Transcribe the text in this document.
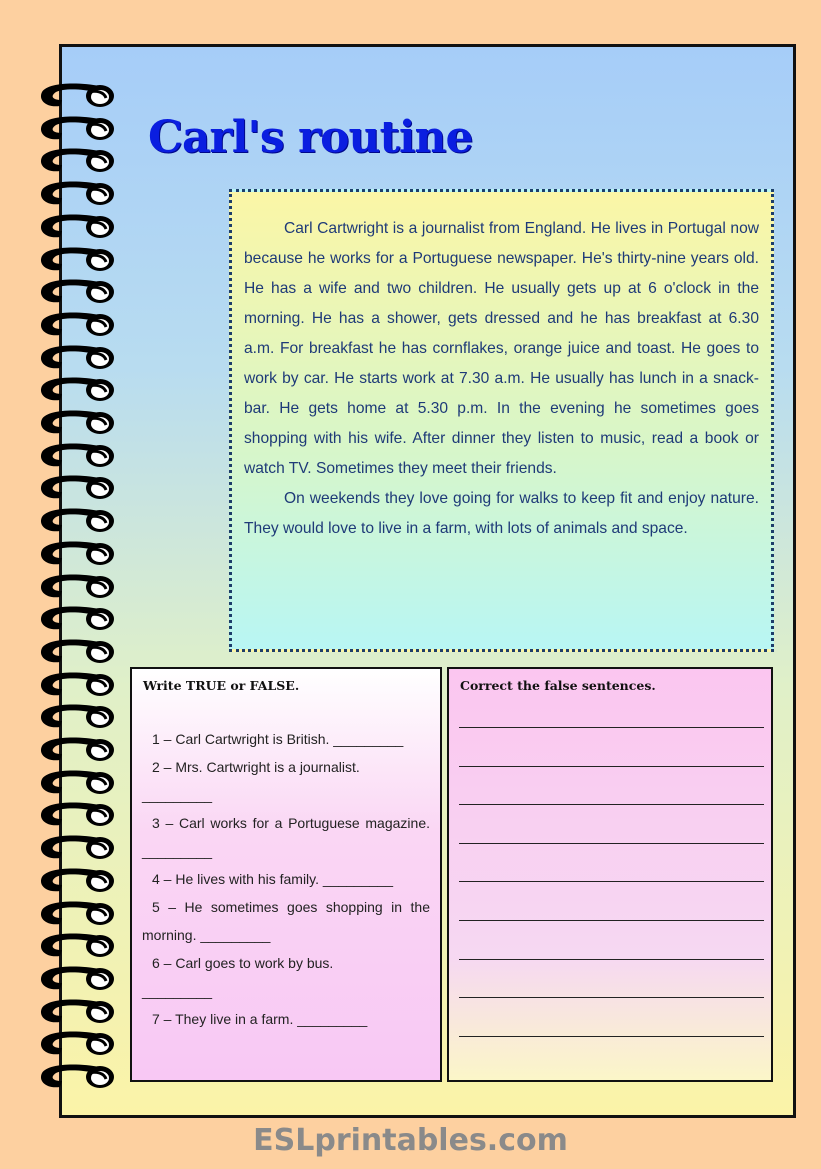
Carl's routine

Carl Cartwright is a journalist from England. He lives in Portugal now because he works for a Portuguese newspaper. He's thirty-nine years old. He has a wife and two children. He usually gets up at 6 o'clock in the morning. He has a shower, gets dressed and he has breakfast at 6.30 a.m. For breakfast he has cornflakes, orange juice and toast. He goes to work by car. He starts work at 7.30 a.m. He usually has lunch in a snack-bar. He gets home at 5.30 p.m. In the evening he sometimes goes shopping with his wife. After dinner they listen to music, read a book or watch TV. Sometimes they meet their friends.

On weekends they love going for walks to keep fit and enjoy nature. They would love to live in a farm, with lots of animals and space.

Write TRUE or FALSE.
1 – Carl Cartwright is British. _________
2 – Mrs. Cartwright is a journalist. _________
3 – Carl works for a Portuguese magazine. _________
4 – He lives with his family. _________
5 – He sometimes goes shopping in the morning. _________
6 – Carl goes to work by bus. _________
7 – They live in a farm. _________
Correct the false sentences.
ESLprintables.com
